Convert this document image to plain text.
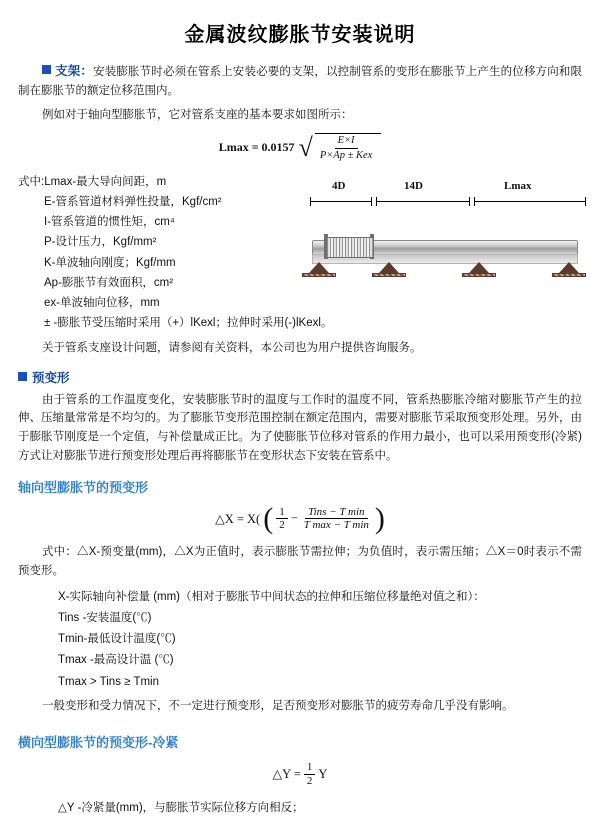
金属波纹膨胀节安装说明

支架：安装膨胀节时必须在管系上安装必要的支架，以控制管系的变形在膨胀节上产生的位移方向和限制在膨胀节的额定位移范围内。

例如对于轴向型膨胀节，它对管系支座的基本要求如图所示：

Lmax = 0.0157 √ $\frac{E\times I}{\text{P×Ap ± Kex}}$
式中:Lmax-最大导向间距，m
E-管系管道材料弹性投量，Kgf/cm²
I-管系管道的惯性矩，cm⁴
P-设计压力，Kgf/mm²
K-单波轴向刚度；Kgf/mm
Ap-膨胀节有效面积，cm²
ex-单波轴向位移，mm
± -膨胀节受压缩时采用（+）lKexl；拉伸时采用(-)lKexl。
4D	14D	Lmax

关于管系支座设计问题，请参阅有关资料，本公司也为用户提供咨询服务。

预变形

由于管系的工作温度变化，安装膨胀节时的温度与工作时的温度不同，管系热膨胀冷缩对膨胀节产生的拉伸、压缩量常常是不均匀的。为了膨胀节变形范围控制在额定范围内，需要对膨胀节采取预变形处理。另外，由于膨胀节刚度是一个定值，与补偿量成正比。为了使膨胀节位移对管系的作用力最小，也可以采用预变形(冷紧)方式让对膨胀节进行预变形处理后再将膨胀节在变形状态下安装在管系中。

轴向型膨胀节的预变形
△X = X( ( $\frac{1}{2} - \frac{\text{Tins − T min}}{\text{T max − T min}}$ )

式中：△X-预变量(mm)，△X为正值时，表示膨胀节需拉伸；为负值时，表示需压缩；△X＝0时表示不需预变形。

X-实际轴向补偿量 (mm)（相对于膨胀节中间状态的拉伸和压缩位移量绝对值之和）：
Tins -安装温度(℃)
Tmin-最低设计温度(℃)
Tmax -最高设计温 (℃)
Tmax > Tins ≥ Tmin

一般变形和受力情况下，不一定进行预变形，足否预变形对膨胀节的疲劳寿命几乎没有影响。

横向型膨胀节的预变形-冷紧
△Y = $\frac{1}{2}$ Y

△Y -冷紧量(mm)，与膨胀节实际位移方向相反；
